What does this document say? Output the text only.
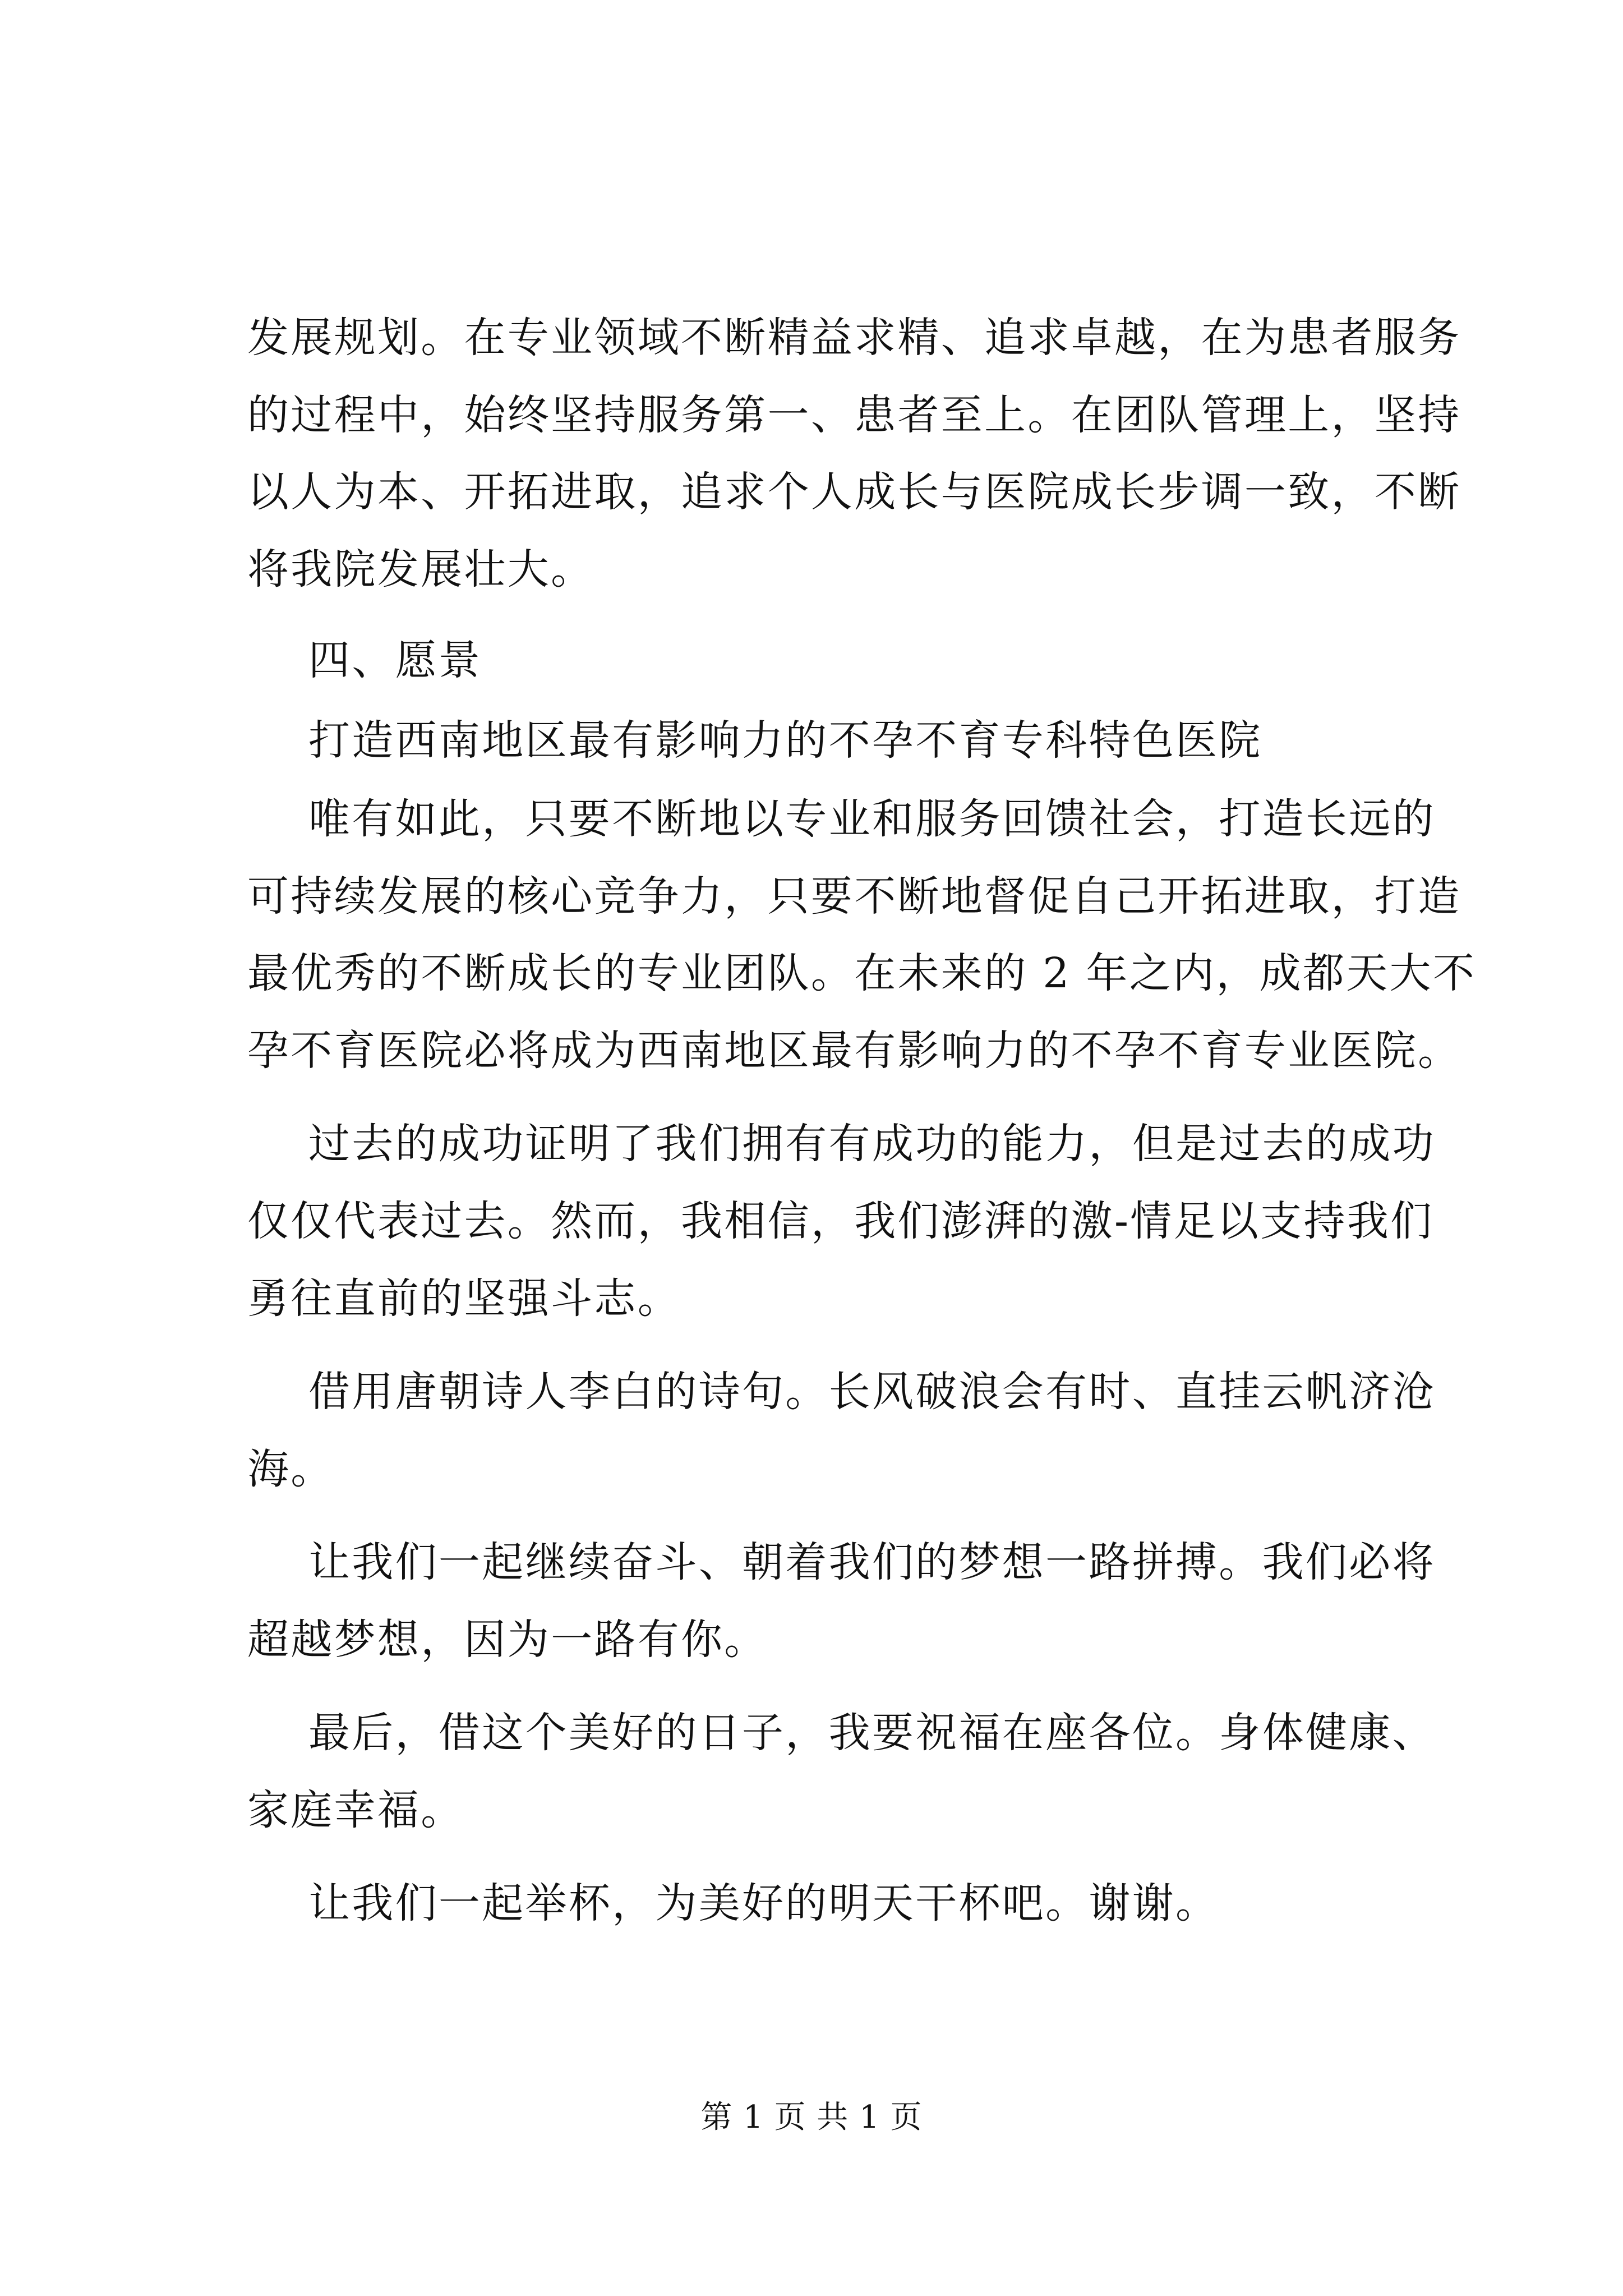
发展规划。在专业领域不断精益求精、追求卓越，在为患者服务
的过程中，始终坚持服务第一、患者至上。在团队管理上，坚持
以人为本、开拓进取，追求个人成长与医院成长步调一致，不断
将我院发展壮大。
四、愿景
打造西南地区最有影响力的不孕不育专科特色医院
唯有如此，只要不断地以专业和服务回馈社会，打造长远的
可持续发展的核心竞争力，只要不断地督促自己开拓进取，打造
最优秀的不断成长的专业团队。在未来的 2 年之内，成都天大不
孕不育医院必将成为西南地区最有影响力的不孕不育专业医院。
过去的成功证明了我们拥有有成功的能力，但是过去的成功
仅仅代表过去。然而，我相信，我们澎湃的激-情足以支持我们
勇往直前的坚强斗志。
借用唐朝诗人李白的诗句。长风破浪会有时、直挂云帆济沧
海。
让我们一起继续奋斗、朝着我们的梦想一路拼搏。我们必将
超越梦想，因为一路有你。
最后，借这个美好的日子，我要祝福在座各位。身体健康、
家庭幸福。
让我们一起举杯，为美好的明天干杯吧。谢谢。
第 1 页 共 1 页
